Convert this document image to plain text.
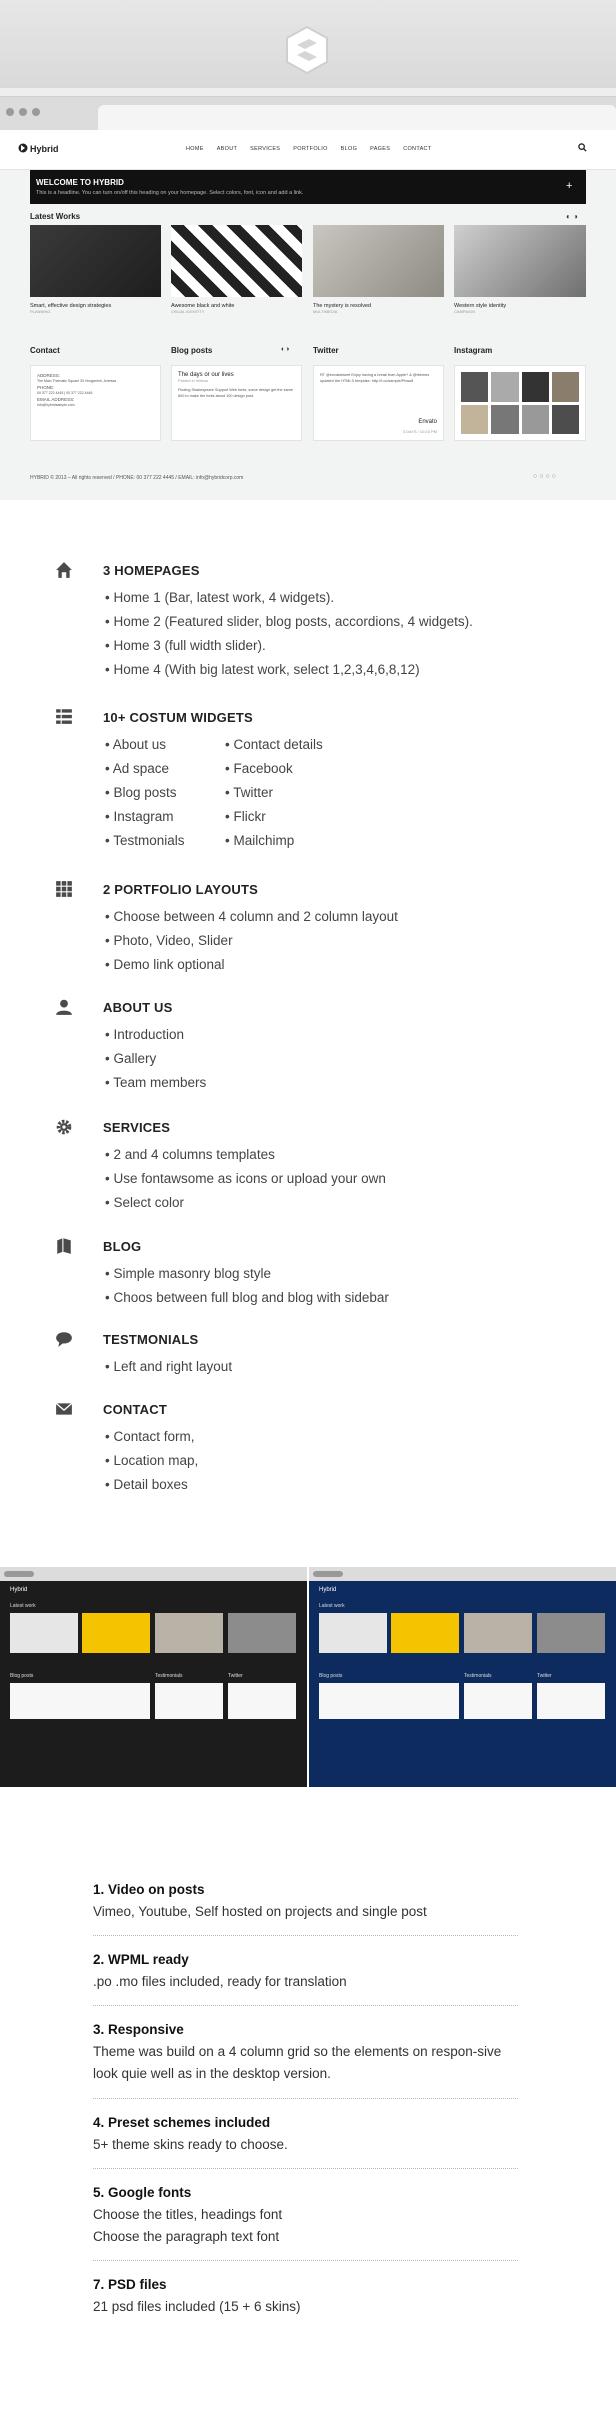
Hybrid	HOME ABOUT SERVICES PORTFOLIO BLOG PAGES CONTACT
WELCOME TO HYBRID
This is a headline. You can turn on/off this heading on your homepage. Select colors, font, icon and add a link.
+
Latest Works	◐ ◑
Smart, effective design strategies
PLANNING
Awesome black and white
VISUAL IDENTITY
The mystery is resolved
MULTIMEDIA
Western style identity
CAMPAIGN
Contact
ADDRESS:
The Main Thematic Square 30 Hoogenhei, Aversas
PHONE:
00 377 222 4445 | 00 377 222 4446
EMAIL ADDRESS:
info@hybridsample.com
Blog posts	◐◑
The days or our lives
Posted in Videos
Finding Shakespeare Support Web fonts, some design get the same 600 to make the fonts about 100 design post.
Twitter
RT @envatotweet Enjoy having a break from Apple? & @themes updated the HTMLS template: http://t.co/sample/Phwo8
Envato
3 DAYS / 10:23 PM
Instagram
HYBRID © 2013 – All rights reserved / PHONE: 00 377 222 4445 / EMAIL: info@hybridcorp.com	○○○○
3 HOMEPAGES
• Home 1 (Bar, latest work, 4 widgets).
• Home 2 (Featured slider, blog posts, accordions, 4 widgets).
• Home 3 (full width slider).
• Home 4 (With big latest work, select 1,2,3,4,6,8,12)
10+ COSTUM WIDGETS
• About us
• Ad space
• Blog posts
• Instagram
• Testmonials
• Contact details
• Facebook
• Twitter
• Flickr
• Mailchimp
2 PORTFOLIO LAYOUTS
• Choose between 4 column and 2 column layout
• Photo, Video, Slider
• Demo link optional
ABOUT US
• Introduction
• Gallery
• Team members
SERVICES
• 2 and 4 columns templates
• Use fontawsome as icons or upload your own
• Select color
BLOG
• Simple masonry blog style
• Choos between full blog and blog with sidebar
TESTMONIALS
• Left and right layout
CONTACT
• Contact form,
• Location map,
• Detail boxes
Hybrid
Latest work
Blog posts	Testimonials	Twitter
Hybrid
Latest work
Blog posts	Testimonials	Twitter
1. Video on posts
Vimeo, Youtube, Self hosted on projects and single post
2. WPML ready
.po .mo files included, ready for translation
3. Responsive
Theme was build on a 4 column grid so the elements on respon-sive look quie well as in the desktop version.
4. Preset schemes included
5+ theme skins ready to choose.
5. Google fonts
Choose the titles, headings font
Choose the paragraph text font
7. PSD files
21 psd files included (15 + 6 skins)
